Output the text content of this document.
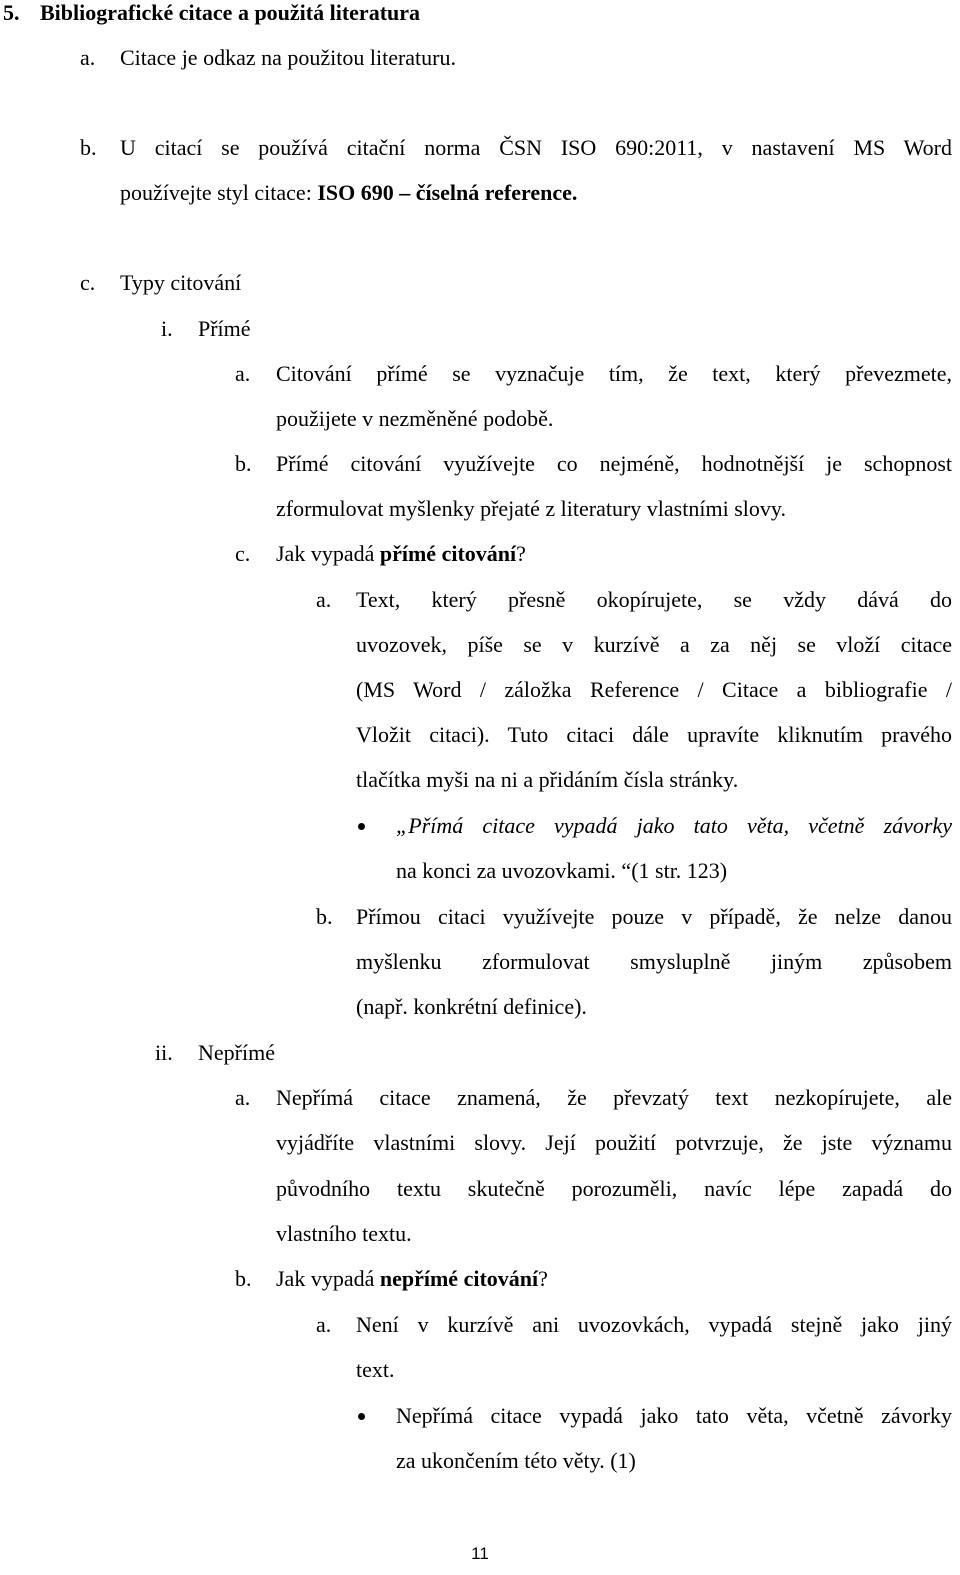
5. Bibliografické citace a použitá literatura
a. Citace je odkaz na použitou literaturu.
b. U citací se používá citační norma ČSN ISO 690:2011, v nastavení MS Word
používejte styl citace: ISO 690 – číselná reference.
c. Typy citování
i. Přímé
a. Citování přímé se vyznačuje tím, že text, který převezmete,
použijete v nezměněné podobě.
b. Přímé citování využívejte co nejméně, hodnotnější je schopnost
zformulovat myšlenky přejaté z literatury vlastními slovy.
c. Jak vypadá přímé citování?
a. Text, který přesně okopírujete, se vždy dává do
uvozovek, píše se v kurzívě a za něj se vloží citace
(MS Word / záložka Reference / Citace a bibliografie /
Vložit citaci). Tuto citaci dále upravíte kliknutím pravého
tlačítka myši na ni a přidáním čísla stránky.
„Přímá citace vypadá jako tato věta, včetně závorky
na konci za uvozovkami. “(1 str. 123)
b. Přímou citaci využívejte pouze v případě, že nelze danou
myšlenku zformulovat smysluplně jiným způsobem
(např. konkrétní definice).
ii. Nepřímé
a. Nepřímá citace znamená, že převzatý text nezkopírujete, ale
vyjádříte vlastními slovy. Její použití potvrzuje, že jste významu
původního textu skutečně porozuměli, navíc lépe zapadá do
vlastního textu.
b. Jak vypadá nepřímé citování?
a. Není v kurzívě ani uvozovkách, vypadá stejně jako jiný
text.
Nepřímá citace vypadá jako tato věta, včetně závorky
za ukončením této věty. (1)
11
